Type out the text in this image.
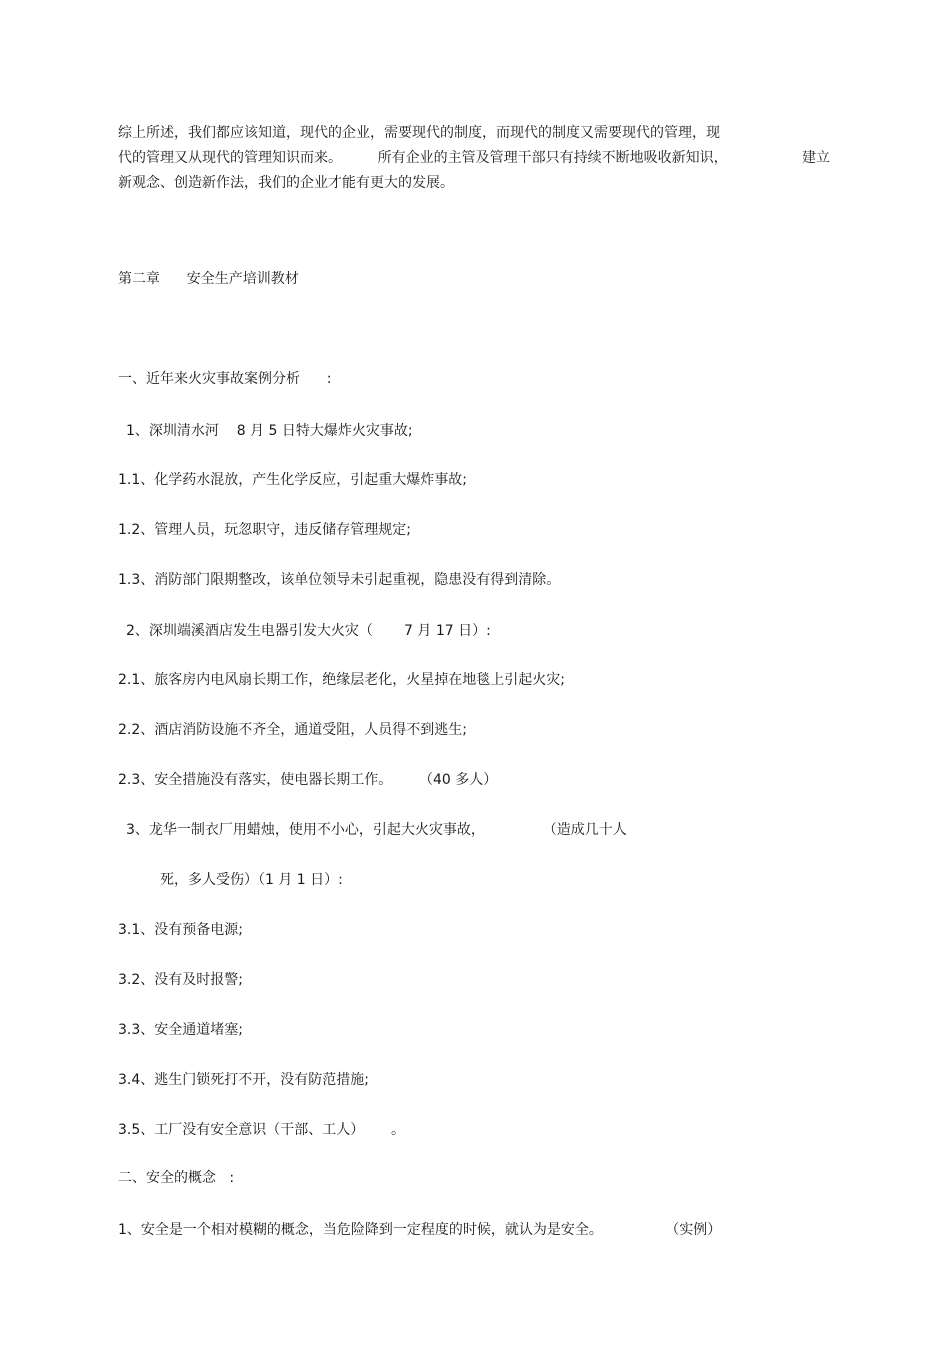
综上所述，我们都应该知道，现代的企业，需要现代的制度，而现代的制度又需要现代的管理，现
代的管理又从现代的管理知识而来。        所有企业的主管及管理干部只有持续不断地吸收新知识，	建立
新观念、创造新作法，我们的企业才能有更大的发展。
第二章      安全生产培训教材
一、近年来火灾事故案例分析      :
1、深圳清水河    8 月 5 日特大爆炸火灾事故;
1.1、化学药水混放，产生化学反应，引起重大爆炸事故;
1.2、管理人员，玩忽职守，违反储存管理规定;
1.3、消防部门限期整改，该单位领导未引起重视，隐患没有得到清除。
2、深圳端溪酒店发生电器引发大火灾（       7 月 17 日）:
2.1、旅客房内电风扇长期工作，绝缘层老化，火星掉在地毯上引起火灾;
2.2、酒店消防设施不齐全，通道受阻，人员得不到逃生;
2.3、安全措施没有落实，使电器长期工作。      （40 多人）
3、龙华一制衣厂用蜡烛，使用不小心，引起大火灾事故，             （造成几十人
死，多人受伤）（1 月 1 日）:
3.1、没有预备电源;
3.2、没有及时报警;
3.3、安全通道堵塞;
3.4、逃生门锁死打不开，没有防范措施;
3.5、工厂没有安全意识（干部、工人）      。
二、安全的概念   :
1、安全是一个相对模糊的概念，当危险降到一定程度的时候，就认为是安全。              （实例）
